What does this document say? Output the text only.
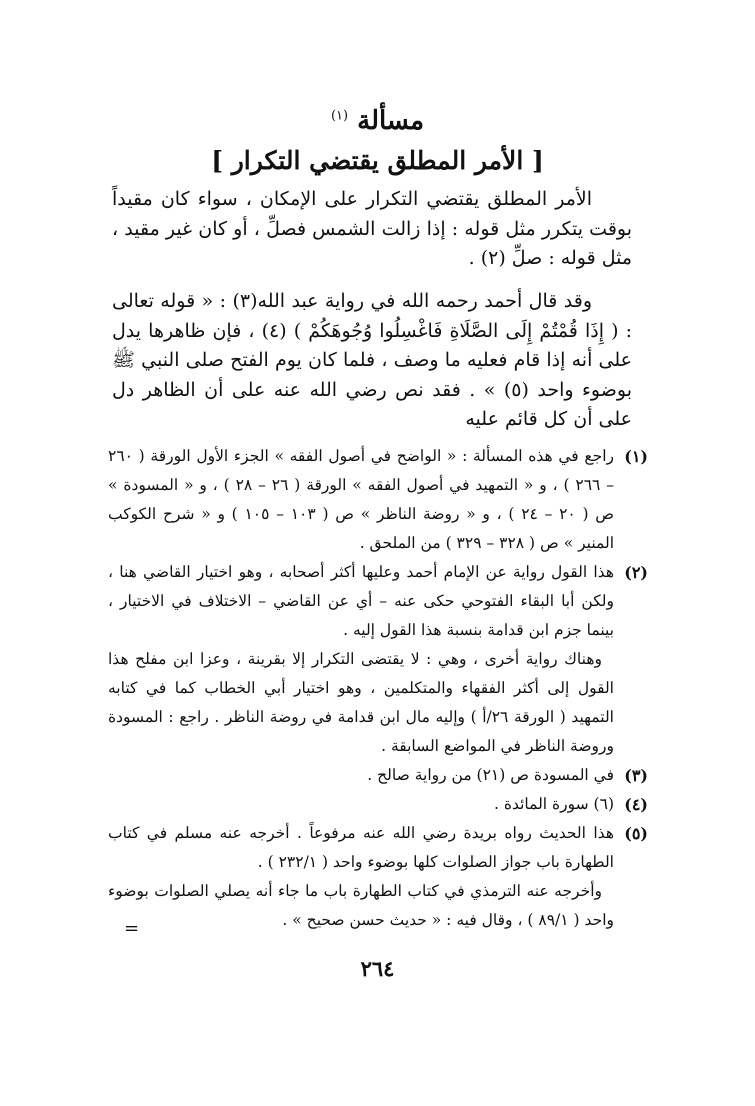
مسألة $^{(١)}$
[ الأمر المطلق يقتضي التكرار ]
الأمر المطلق يقتضي التكرار على الإمكان ، سواء كان مقيداً بوقت يتكرر مثل قوله : إذا زالت الشمس فصلِّ ، أو كان غير مقيد ، مثل قوله : صلِّ (٢) .
وقد قال أحمد رحمه الله في رواية عبد الله(٣) : « قوله تعالى : ( إِذَا قُمْتُمْ إِلَى الصَّلَاةِ فَاغْسِلُوا وُجُوهَكُمْ ) (٤) ، فإن ظاهرها يدل على أنه إذا قام فعليه ما وصف ، فلما كان يوم الفتح صلى النبي ﷺ بوضوء واحد (٥) » . فقد نص رضي الله عنه على أن الظاهر دل على أن كل قائم عليه
(١)

راجع في هذه المسألة : « الواضح في أصول الفقه » الجزء الأول الورقة ( ٢٦٠ – ٢٦٦ ) ، و « التمهيد في أصول الفقه » الورقة ( ٢٦ – ٢٨ ) ، و « المسودة » ص ( ٢٠ – ٢٤ ) ، و « روضة الناظر » ص ( ١٠٣ – ١٠٥ ) و « شرح الكوكب المنير » ص ( ٣٢٨ – ٣٢٩ ) من الملحق .

(٢)

هذا القول رواية عن الإمام أحمد وعليها أكثر أصحابه ، وهو اختيار القاضي هنا ، ولكن أبا البقاء الفتوحي حكى عنه – أي عن القاضي – الاختلاف في الاختيار ، بينما جزم ابن قدامة بنسبة هذا القول إليه .

وهناك رواية أخرى ، وهي : لا يقتضى التكرار إلا بقرينة ، وعزا ابن مفلح هذا القول إلى أكثر الفقهاء والمتكلمين ، وهو اختيار أبي الخطاب كما في كتابه التمهيد ( الورقة ٢٦/أ ) وإليه مال ابن قدامة في روضة الناظر . راجع : المسودة وروضة الناظر في المواضع السابقة .

(٣)

في المسودة ص (٢١) من رواية صالح .

(٤)

(٦) سورة المائدة .

(٥)

هذا الحديث رواه بريدة رضي الله عنه مرفوعاً . أخرجه عنه مسلم في كتاب الطهارة باب جواز الصلوات كلها بوضوء واحد ( ٢٣٢/١ ) .

وأخرجه عنه الترمذي في كتاب الطهارة باب ما جاء أنه يصلي الصلوات بوضوء واحد ( ٨٩/١ ) ، وقال فيه : « حديث حسن صحيح » .

=
٢٦٤
